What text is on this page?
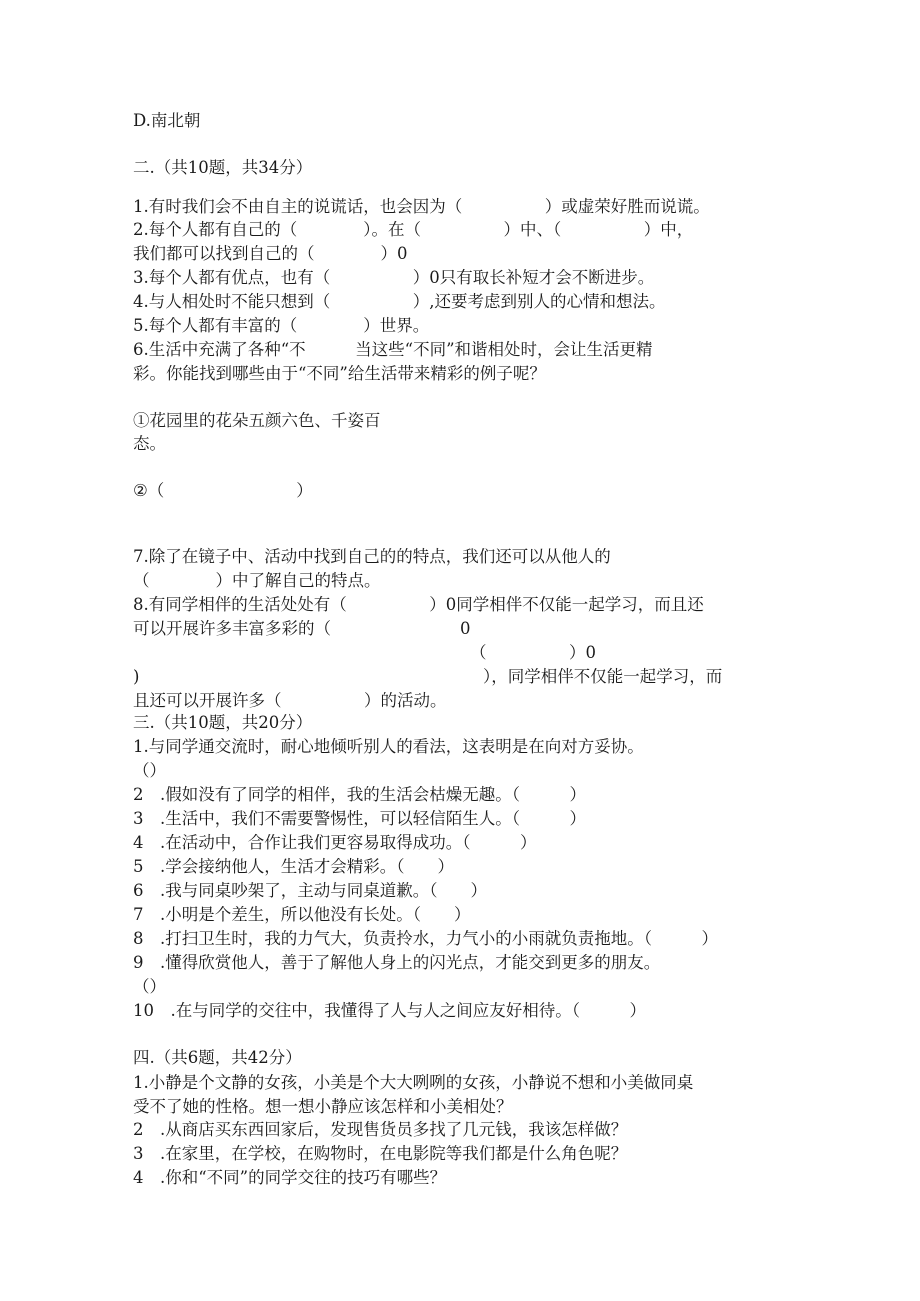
D.南北朝
二.（共10题，共34分）
1.有时我们会不由自主的说谎话，也会因为（　　　　　）或虚荣好胜而说谎。
2.每个人都有自己的（　　　　）。在（　　　　　）中、（　　　　　）中，
我们都可以找到自己的（　　　　）0
3.每个人都有优点，也有（　　　　　）0只有取长补短才会不断进步。
4.与人相处时不能只想到（　　　　　）,还要考虑到别人的心情和想法。
5.每个人都有丰富的（　　　　）世界。
6.生活中充满了各种“不　　　当这些“不同”和谐相处时，会让生活更精
彩。你能找到哪些由于“不同”给生活带来精彩的例子呢？
①花园里的花朵五颜六色、千姿百
态。
②（　　　　　　　　）
7.除了在镜子中、活动中找到自己的的特点，我们还可以从他人的
（　　　　）中了解自己的特点。
8.有同学相伴的生活处处有（　　　　　）0同学相伴不仅能一起学习，而且还
可以开展许多丰富多彩的（	0
（　　　　　）0
)	），同学相伴不仅能一起学习，而
且还可以开展许多（　　　　　）的活动。
三.（共10题，共20分）
1.与同学通交流时，耐心地倾听别人的看法，这表明是在向对方妥协。
（）
2　.假如没有了同学的相伴，我的生活会枯燥无趣。（　　　）
3　.生活中，我们不需要警惕性，可以轻信陌生人。（　　　）
4　.在活动中，合作让我们更容易取得成功。（　　　）
5　.学会接纳他人，生活才会精彩。（　　）
6　.我与同桌吵架了，主动与同桌道歉。（　　）
7　.小明是个差生，所以他没有长处。（　　）
8　.打扫卫生时，我的力气大，负责拎水，力气小的小雨就负责拖地。（　　　）
9　.懂得欣赏他人，善于了解他人身上的闪光点，才能交到更多的朋友。
（）
10　.在与同学的交往中，我懂得了人与人之间应友好相待。（　　　）
四.（共6题，共42分）
1.小静是个文静的女孩，小美是个大大咧咧的女孩，小静说不想和小美做同桌
受不了她的性格。想一想小静应该怎样和小美相处？
2　.从商店买东西回家后，发现售货员多找了几元钱，我该怎样做？
3　.在家里，在学校，在购物时，在电影院等我们都是什么角色呢？
4　.你和“不同”的同学交往的技巧有哪些？
